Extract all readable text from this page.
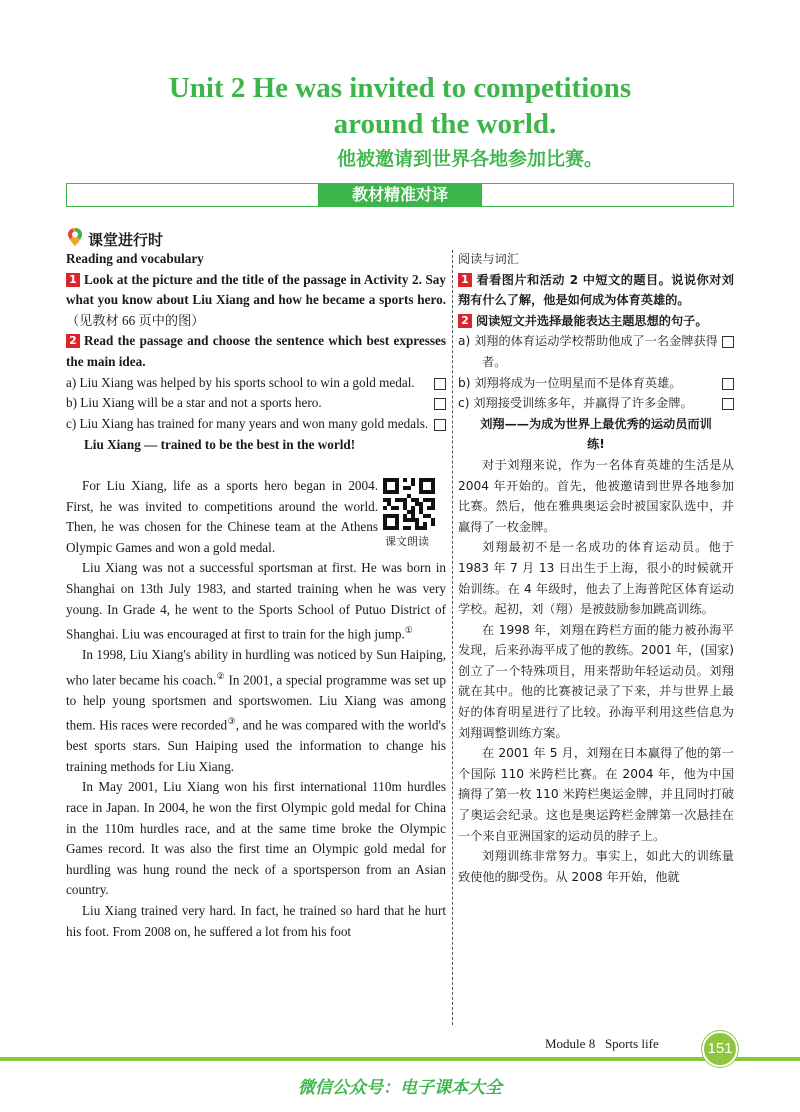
Unit 2 He was invited to competitions
around the world.
他被邀请到世界各地参加比赛。
教材精准对译
课堂进行时

Reading and vocabulary

1 Look at the picture and the title of the passage in Activity 2. Say what you know about Liu Xiang and how he became a sports hero.（见教材 66 页中的图）

2 Read the passage and choose the sentence which best expresses the main idea.

a) Liu Xiang was helped by his sports school to win a gold medal.
b) Liu Xiang will be a star and not a sports hero.
c) Liu Xiang has trained for many years and won many gold medals.

Liu Xiang — trained to be the best in the world!

For Liu Xiang, life as a sports hero began in 2004. First, he was invited to competitions around the world. Then, he was chosen for the Chinese team at the Athens Olympic Games and won a gold medal.

Liu Xiang was not a successful sportsman at first. He was born in Shanghai on 13th July 1983, and started training when he was very young. In Grade 4, he went to the Sports School of Putuo District of Shanghai. Liu was encouraged at first to train for the high jump.①

In 1998, Liu Xiang's ability in hurdling was noticed by Sun Haiping, who later became his coach.② In 2001, a special programme was set up to help young sportsmen and sportswomen. Liu Xiang was among them. His races were recorded③, and he was compared with the world's best sports stars. Sun Haiping used the information to change his training methods for Liu Xiang.

In May 2001, Liu Xiang won his first international 110m hurdles race in Japan. In 2004, he won the first Olympic gold medal for China in the 110m hurdles race, and at the same time broke the Olympic Games record. It was also the first time an Olympic gold medal for hurdling was hung round the neck of a sportsperson from an Asian country.

Liu Xiang trained very hard. In fact, he trained so hard that he hurt his foot. From 2008 on, he suffered a lot from his foot

课文朗读

阅读与词汇

1 看看图片和活动 2 中短文的题目。说说你对刘翔有什么了解，他是如何成为体育英雄的。

2 阅读短文并选择最能表达主题思想的句子。

a) 刘翔的体育运动学校帮助他成了一名金牌获得者。
b) 刘翔将成为一位明星而不是体育英雄。
c) 刘翔接受训练多年，并赢得了许多金牌。

刘翔——为成为世界上最优秀的运动员而训练!

对于刘翔来说，作为一名体育英雄的生活是从 2004 年开始的。首先，他被邀请到世界各地参加比赛。然后，他在雅典奥运会时被国家队选中，并赢得了一枚金牌。

刘翔最初不是一名成功的体育运动员。他于 1983 年 7 月 13 日出生于上海，很小的时候就开始训练。在 4 年级时，他去了上海普陀区体育运动学校。起初，刘（翔）是被鼓励参加跳高训练。

在 1998 年，刘翔在跨栏方面的能力被孙海平发现，后来孙海平成了他的教练。2001 年，(国家) 创立了一个特殊项目，用来帮助年轻运动员。刘翔就在其中。他的比赛被记录了下来，并与世界上最好的体育明星进行了比较。孙海平利用这些信息为刘翔调整训练方案。

在 2001 年 5 月，刘翔在日本赢得了他的第一个国际 110 米跨栏比赛。在 2004 年，他为中国摘得了第一枚 110 米跨栏奥运金牌，并且同时打破了奥运会纪录。这也是奥运跨栏金牌第一次悬挂在一个来自亚洲国家的运动员的脖子上。

刘翔训练非常努力。事实上，如此大的训练量致使他的脚受伤。从 2008 年开始，他就

Module 8 Sports life	151
微信公众号：电子课本大全
